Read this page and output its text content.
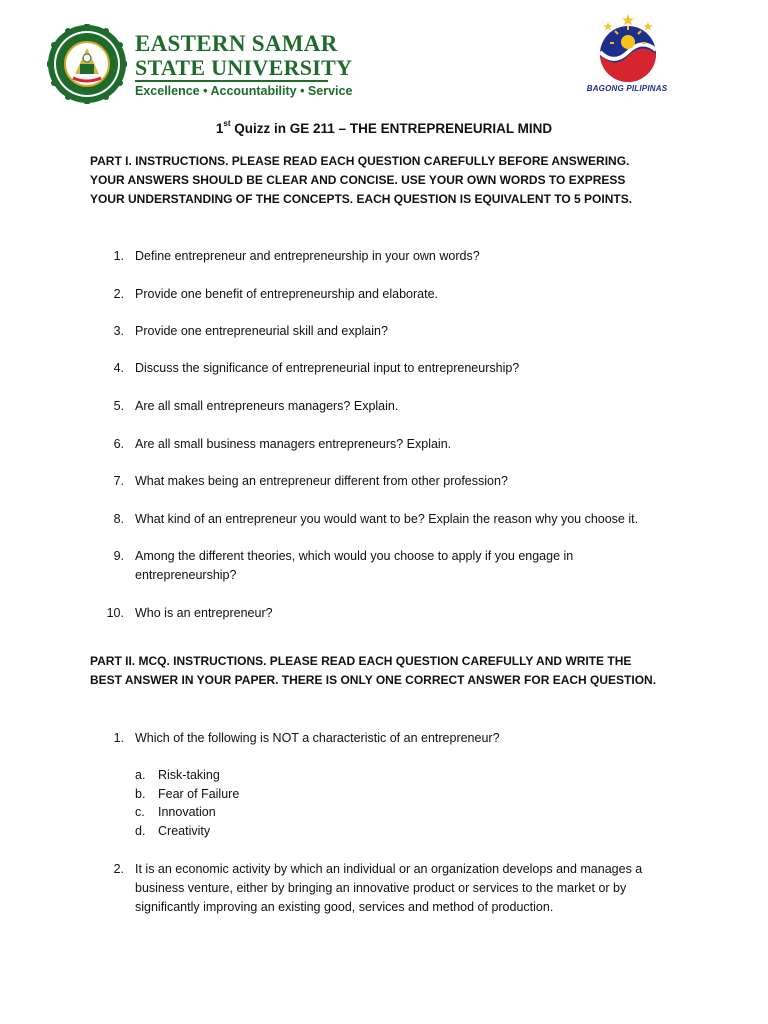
EASTERN SAMAR
STATE UNIVERSITY
Excellence • Accountability • Service	BAGONG PILIPINAS
1st Quizz in GE 211 – THE ENTREPRENEURIAL MIND

PART I. INSTRUCTIONS. PLEASE READ EACH QUESTION CAREFULLY BEFORE ANSWERING. YOUR ANSWERS SHOULD BE CLEAR AND CONCISE. USE YOUR OWN WORDS TO EXPRESS YOUR UNDERSTANDING OF THE CONCEPTS. EACH QUESTION IS EQUIVALENT TO 5 POINTS.

1. Define entrepreneur and entrepreneurship in your own words?
2. Provide one benefit of entrepreneurship and elaborate.
3. Provide one entrepreneurial skill and explain?
4. Discuss the significance of entrepreneurial input to entrepreneurship?
5. Are all small entrepreneurs managers? Explain.
6. Are all small business managers entrepreneurs? Explain.
7. What makes being an entrepreneur different from other profession?
8. What kind of an entrepreneur you would want to be? Explain the reason why you choose it.
9. Among the different theories, which would you choose to apply if you engage in entrepreneurship?
10. Who is an entrepreneur?

PART II. MCQ. INSTRUCTIONS. PLEASE READ EACH QUESTION CAREFULLY AND WRITE THE BEST ANSWER IN YOUR PAPER. THERE IS ONLY ONE CORRECT ANSWER FOR EACH QUESTION.

1. Which of the following is NOT a characteristic of an entrepreneur?
a.	Risk-taking
b.	Fear of Failure
c.	Innovation
d.	Creativity
2. It is an economic activity by which an individual or an organization develops and manages a business venture, either by bringing an innovative product or services to the market or by significantly improving an existing good, services and method of production.
